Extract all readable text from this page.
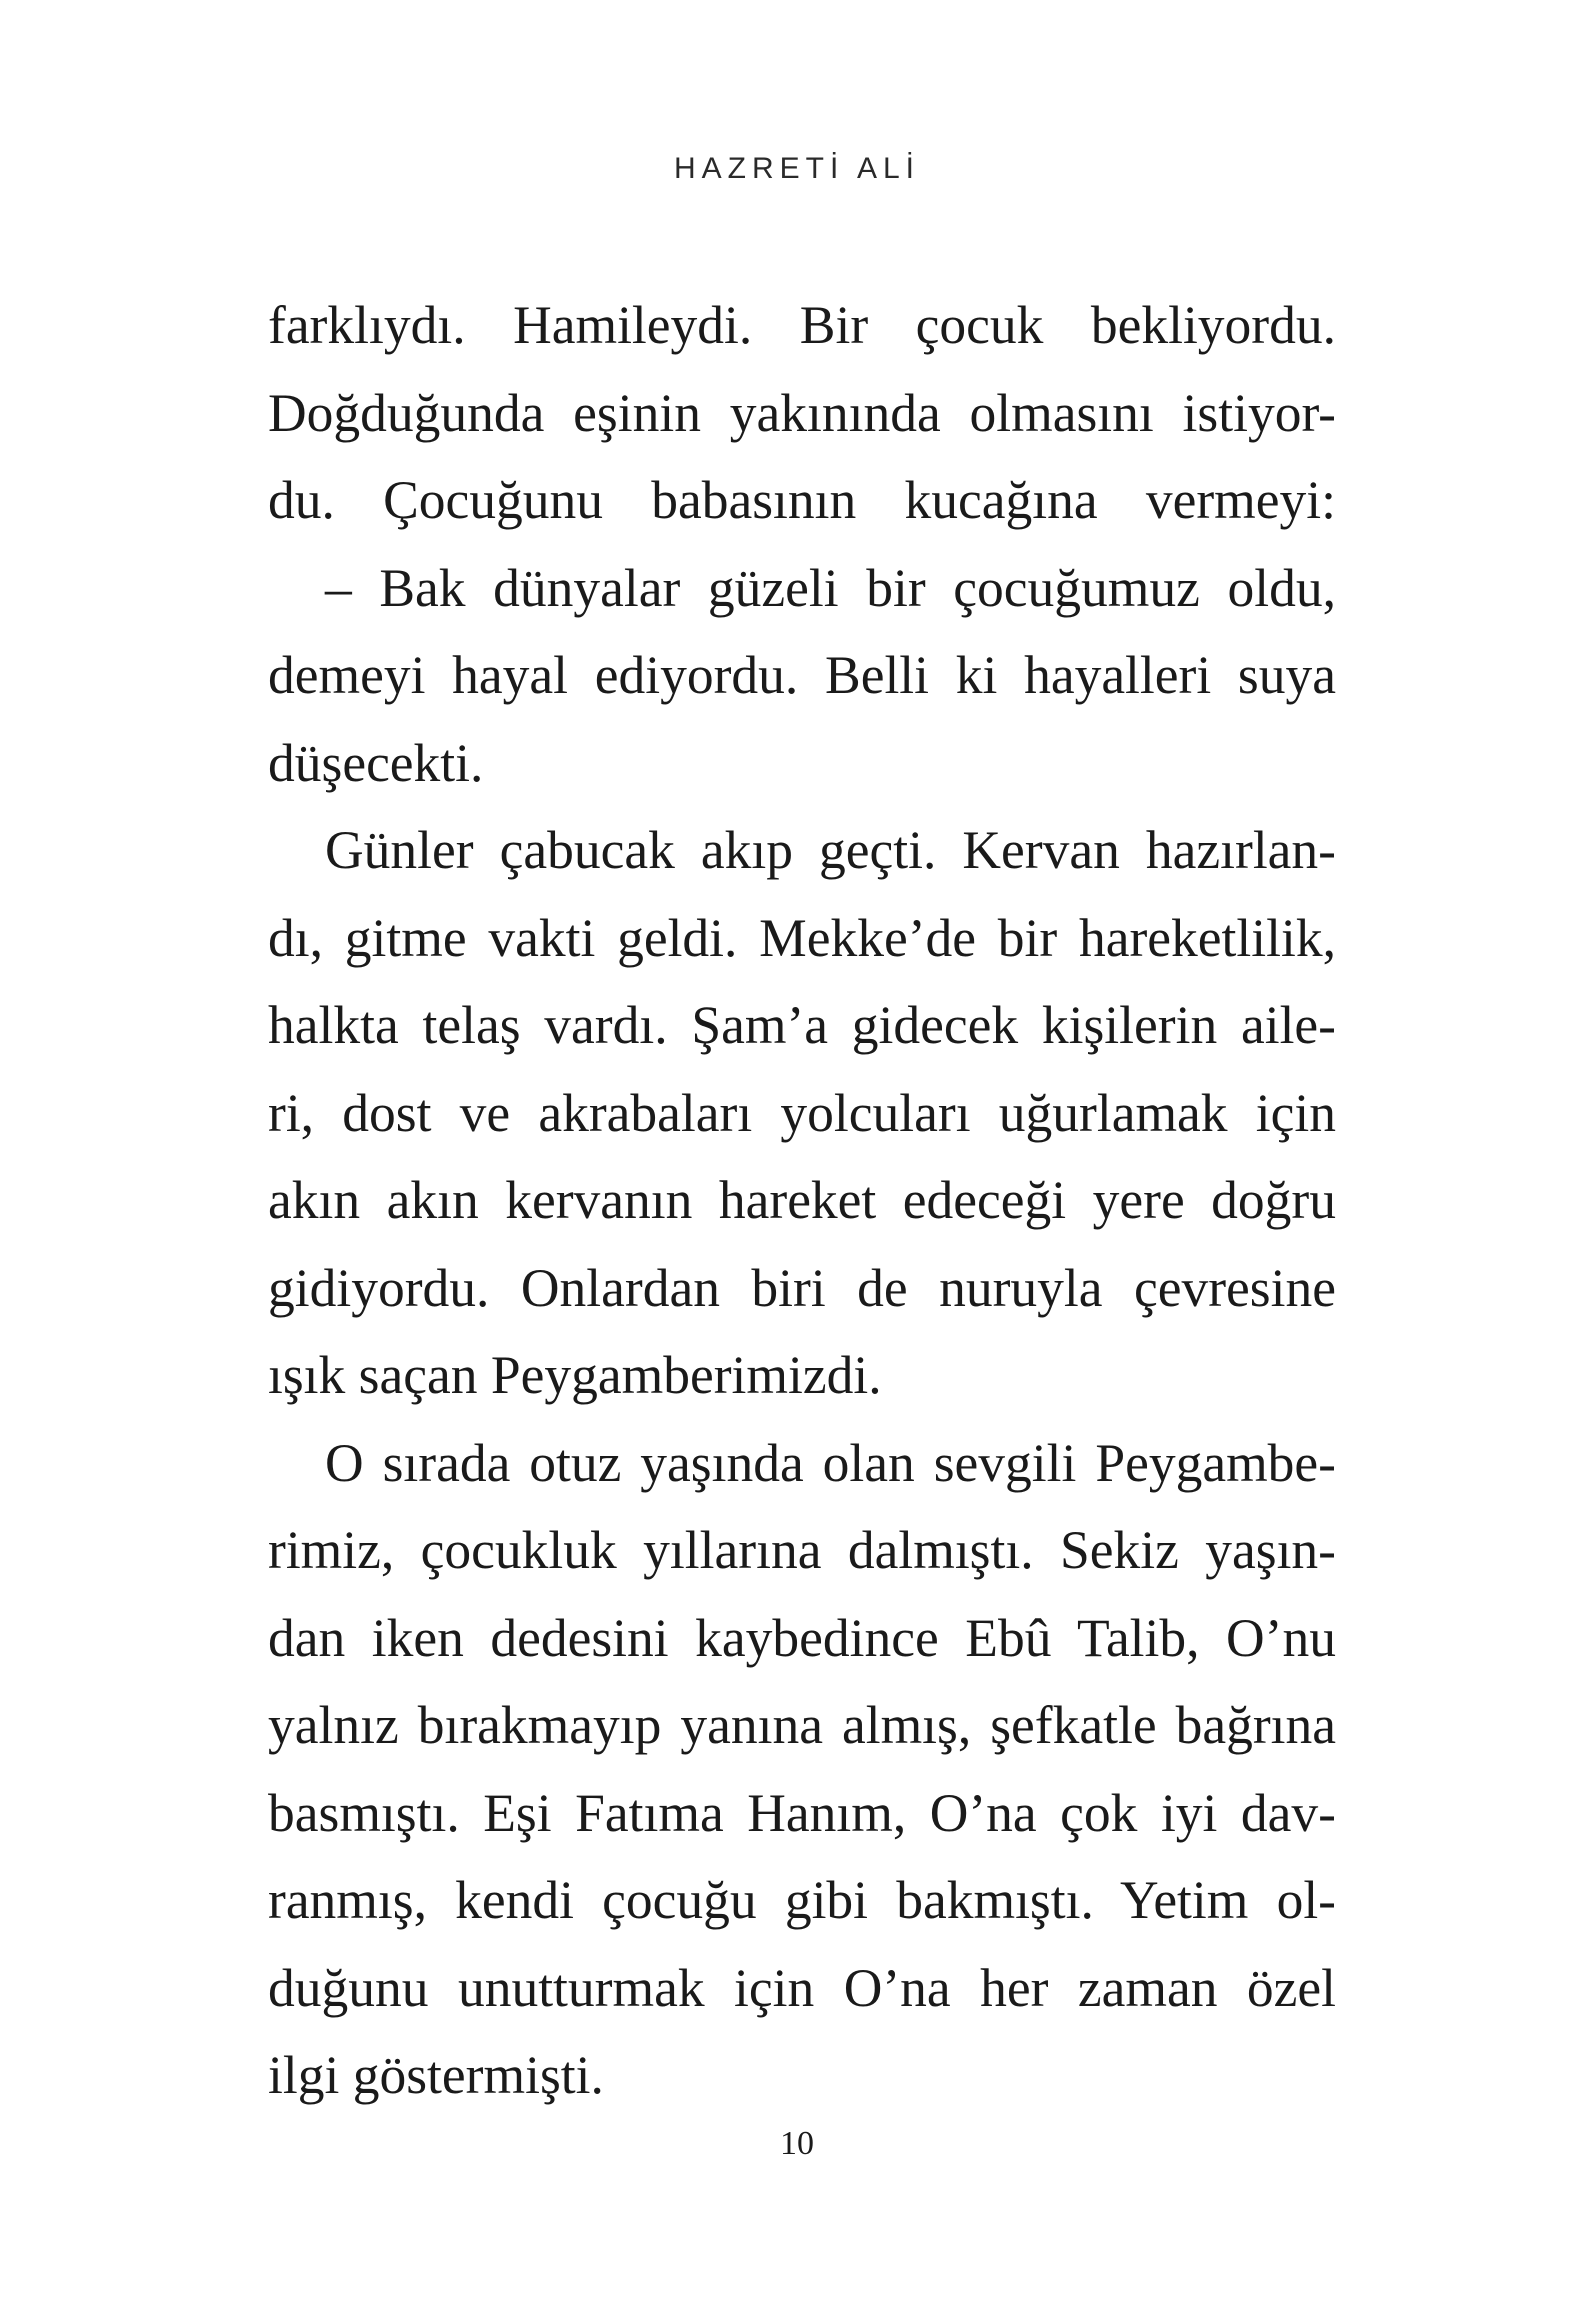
HAZRETİ ALİ
farklıydı. Hamileydi. Bir çocuk bekliyordu.
Doğduğunda eşinin yakınında olmasını istiyor-
du. Çocuğunu babasının kucağına vermeyi:
– Bak dünyalar güzeli bir çocuğumuz oldu,
demeyi hayal ediyordu. Belli ki hayalleri suya
düşecekti.
Günler çabucak akıp geçti. Kervan hazırlan-
dı, gitme vakti geldi. Mekke’de bir hareketlilik,
halkta telaş vardı. Şam’a gidecek kişilerin aile-
ri, dost ve akrabaları yolcuları uğurlamak için
akın akın kervanın hareket edeceği yere doğru
gidiyordu. Onlardan biri de nuruyla çevresine
ışık saçan Peygamberimizdi.
O sırada otuz yaşında olan sevgili Peygambe-
rimiz, çocukluk yıllarına dalmıştı. Sekiz yaşın-
dan iken dedesini kaybedince Ebû Talib, O’nu
yalnız bırakmayıp yanına almış, şefkatle bağrına
basmıştı. Eşi Fatıma Hanım, O’na çok iyi dav-
ranmış, kendi çocuğu gibi bakmıştı. Yetim ol-
duğunu unutturmak için O’na her zaman özel
ilgi göstermişti.
10
